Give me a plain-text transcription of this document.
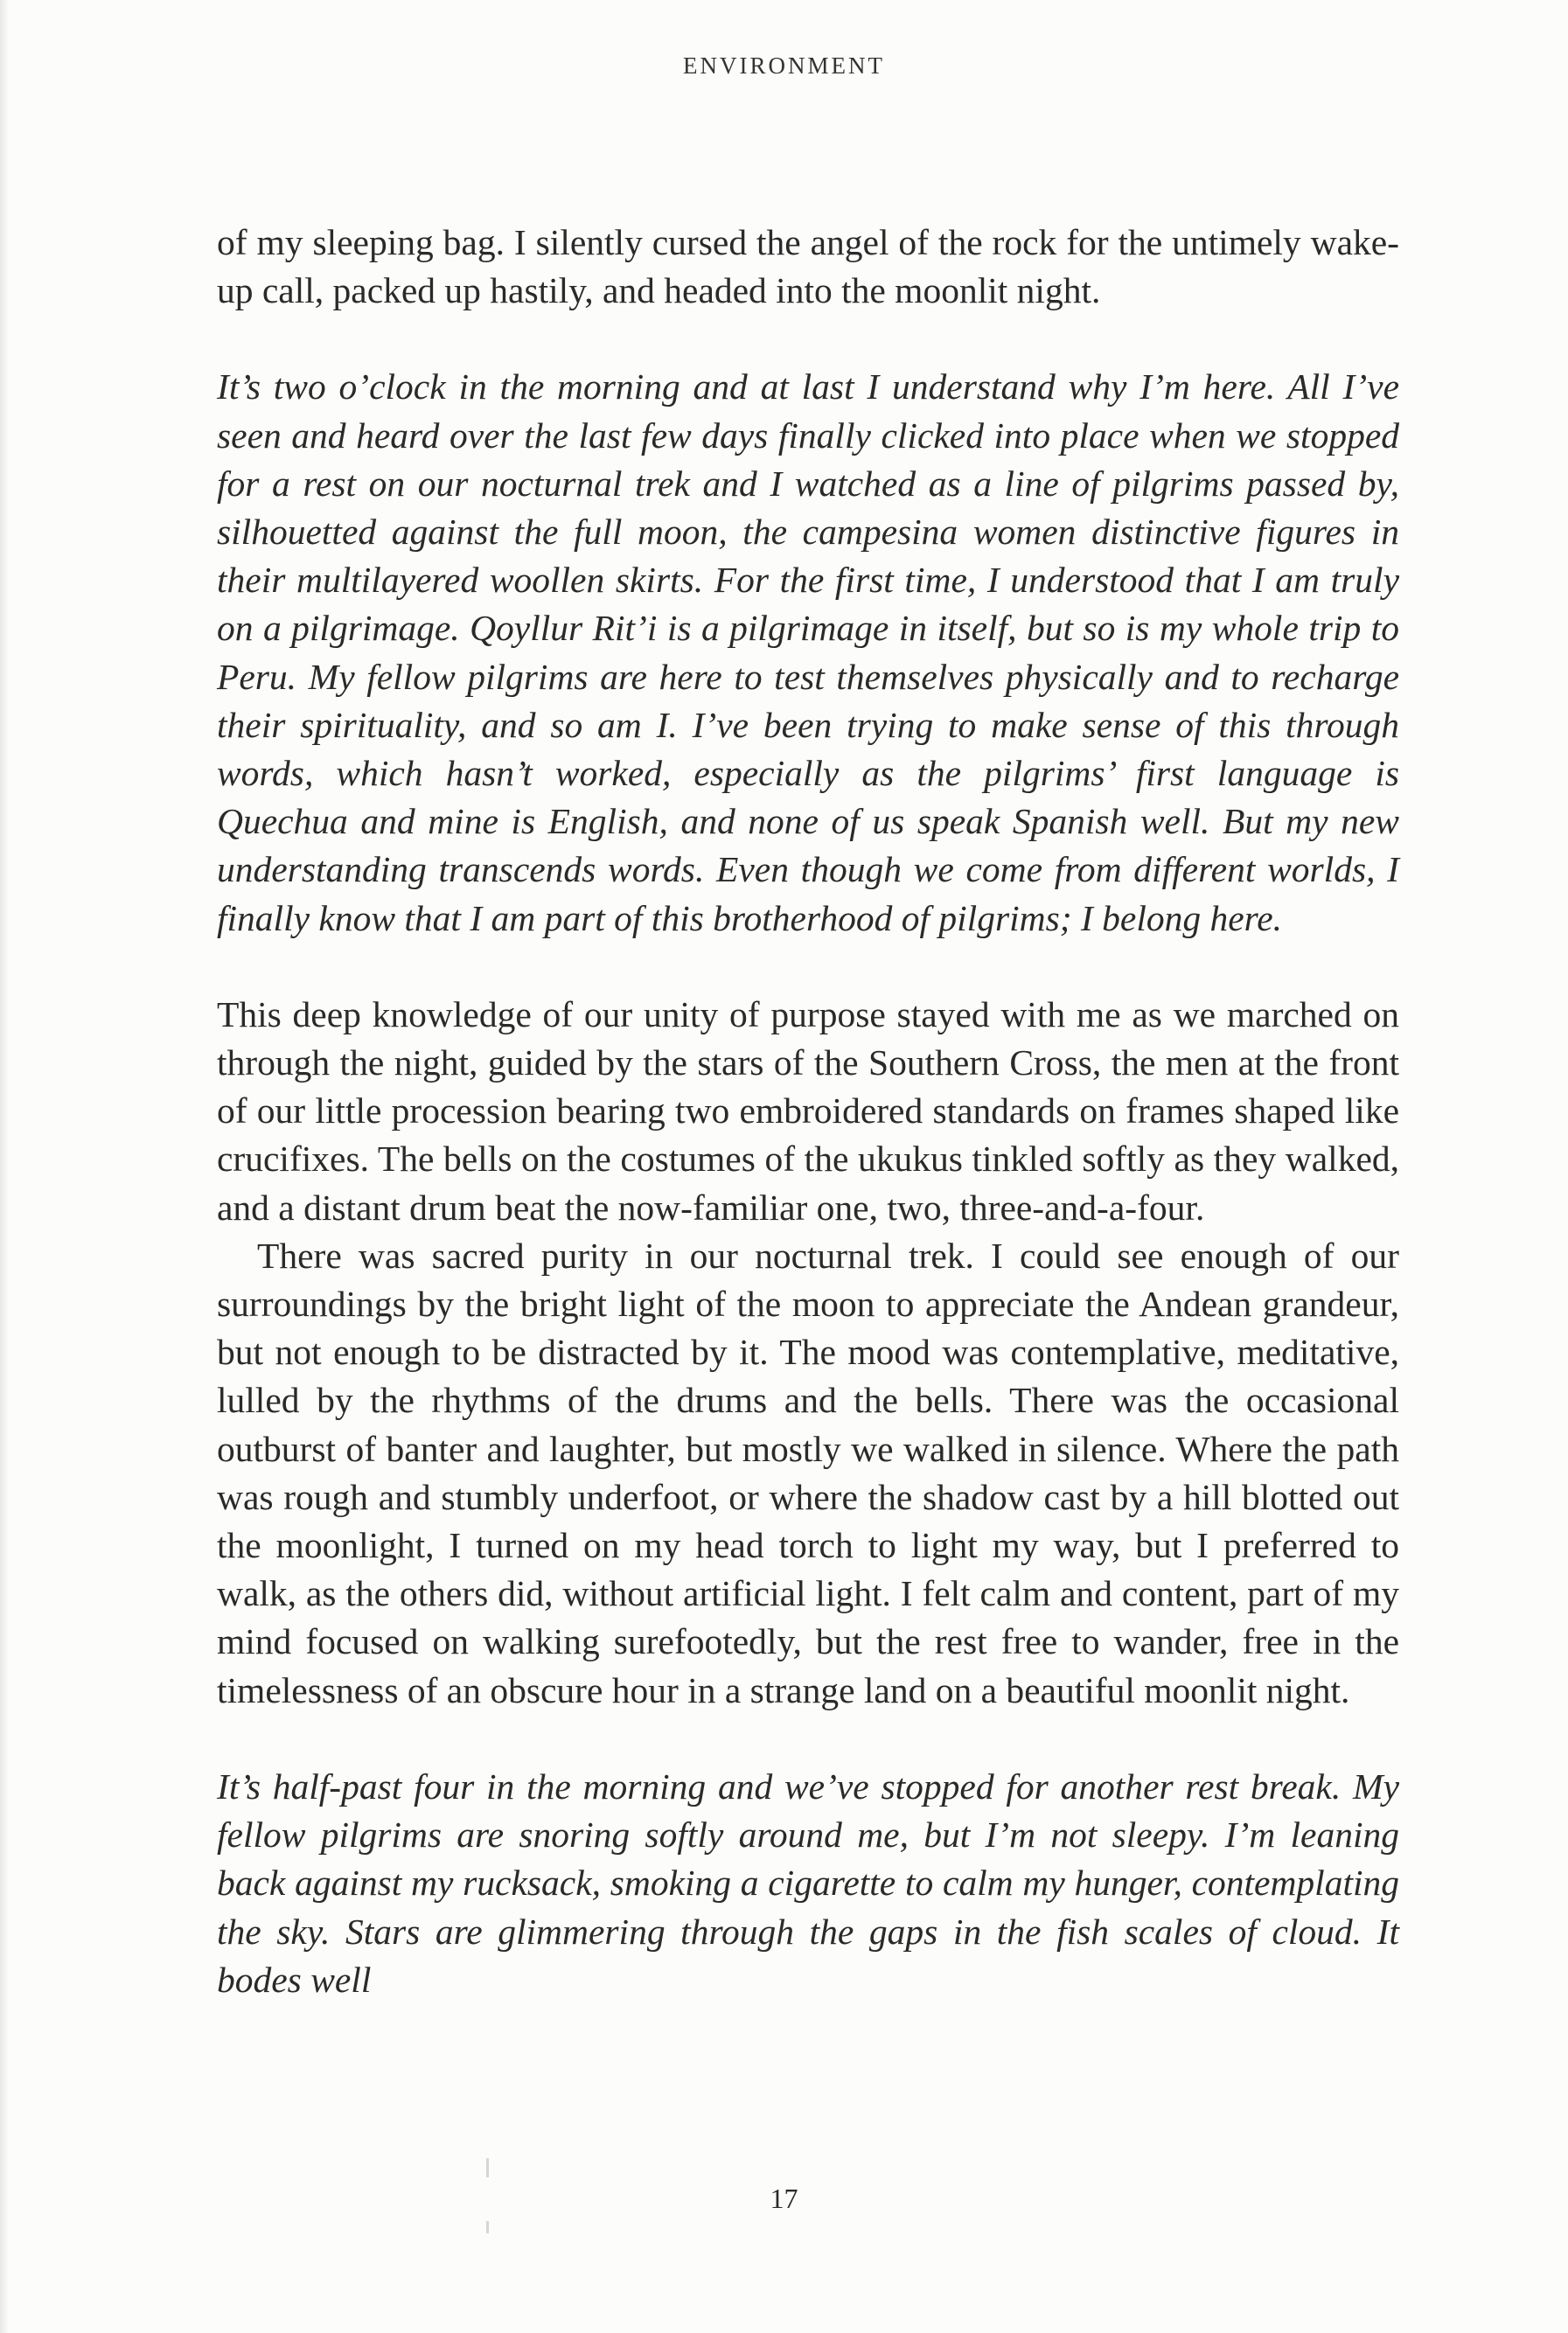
ENVIRONMENT

of my sleeping bag. I silently cursed the angel of the rock for the untimely wake-up call, packed up hastily, and headed into the moonlit night.

It’s two o’clock in the morning and at last I understand why I’m here. All I’ve seen and heard over the last few days finally clicked into place when we stopped for a rest on our nocturnal trek and I watched as a line of pilgrims passed by, silhouetted against the full moon, the campesina women distinctive figures in their multilayered woollen skirts. For the first time, I understood that I am truly on a pilgrimage. Qoyllur Rit’i is a pilgrimage in itself, but so is my whole trip to Peru. My fellow pilgrims are here to test themselves physically and to recharge their spirituality, and so am I. I’ve been trying to make sense of this through words, which hasn’t worked, especially as the pilgrims’ first language is Quechua and mine is English, and none of us speak Spanish well. But my new understanding transcends words. Even though we come from different worlds, I finally know that I am part of this brotherhood of pilgrims; I belong here.

This deep knowledge of our unity of purpose stayed with me as we marched on through the night, guided by the stars of the Southern Cross, the men at the front of our little procession bearing two embroidered standards on frames shaped like crucifixes. The bells on the costumes of the ukukus tinkled softly as they walked, and a distant drum beat the now-familiar one, two, three-and-a-four.

There was sacred purity in our nocturnal trek. I could see enough of our surroundings by the bright light of the moon to appreciate the Andean grandeur, but not enough to be distracted by it. The mood was contemplative, meditative, lulled by the rhythms of the drums and the bells. There was the occasional outburst of banter and laughter, but mostly we walked in silence. Where the path was rough and stumbly underfoot, or where the shadow cast by a hill blotted out the moonlight, I turned on my head torch to light my way, but I preferred to walk, as the others did, without artificial light. I felt calm and content, part of my mind focused on walking surefootedly, but the rest free to wander, free in the timelessness of an obscure hour in a strange land on a beautiful moonlit night.

It’s half-past four in the morning and we’ve stopped for another rest break. My fellow pilgrims are snoring softly around me, but I’m not sleepy. I’m leaning back against my rucksack, smoking a cigarette to calm my hunger, contemplating the sky. Stars are glimmering through the gaps in the fish scales of cloud. It bodes well

17
